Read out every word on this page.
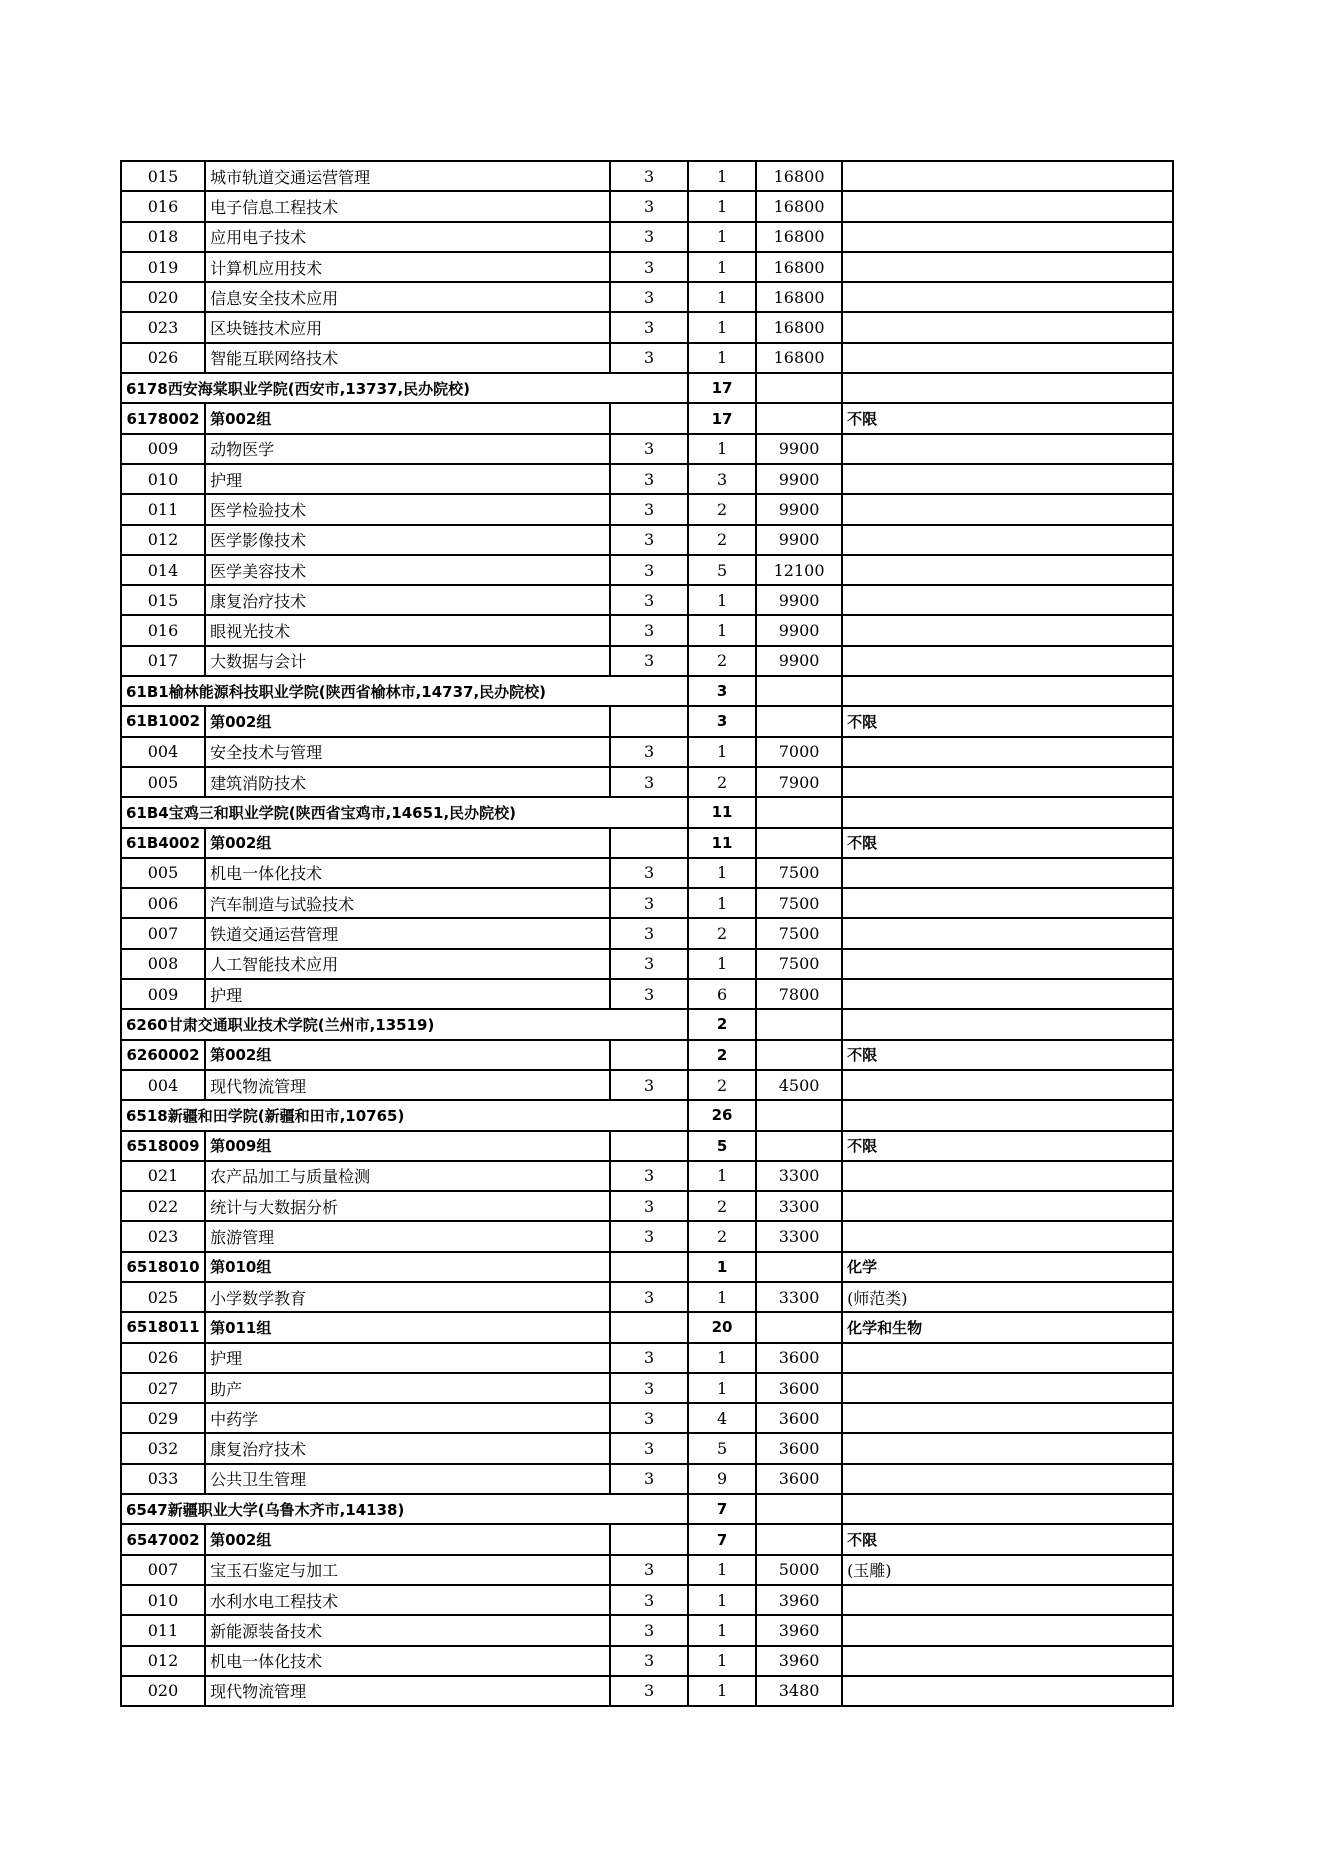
015	城市轨道交通运营管理	3	1	16800	
016	电子信息工程技术	3	1	16800	
018	应用电子技术	3	1	16800	
019	计算机应用技术	3	1	16800	
020	信息安全技术应用	3	1	16800	
023	区块链技术应用	3	1	16800	
026	智能互联网络技术	3	1	16800	
6178西安海棠职业学院(西安市,13737,民办院校)			17		
6178002	第002组		17		不限
009	动物医学	3	1	9900	
010	护理	3	3	9900	
011	医学检验技术	3	2	9900	
012	医学影像技术	3	2	9900	
014	医学美容技术	3	5	12100	
015	康复治疗技术	3	1	9900	
016	眼视光技术	3	1	9900	
017	大数据与会计	3	2	9900	
61B1榆林能源科技职业学院(陕西省榆林市,14737,民办院校)			3		
61B1002	第002组		3		不限
004	安全技术与管理	3	1	7000	
005	建筑消防技术	3	2	7900	
61B4宝鸡三和职业学院(陕西省宝鸡市,14651,民办院校)			11		
61B4002	第002组		11		不限
005	机电一体化技术	3	1	7500	
006	汽车制造与试验技术	3	1	7500	
007	铁道交通运营管理	3	2	7500	
008	人工智能技术应用	3	1	7500	
009	护理	3	6	7800	
6260甘肃交通职业技术学院(兰州市,13519)			2		
6260002	第002组		2		不限
004	现代物流管理	3	2	4500	
6518新疆和田学院(新疆和田市,10765)			26		
6518009	第009组		5		不限
021	农产品加工与质量检测	3	1	3300	
022	统计与大数据分析	3	2	3300	
023	旅游管理	3	2	3300	
6518010	第010组		1		化学
025	小学数学教育	3	1	3300	(师范类)
6518011	第011组		20		化学和生物
026	护理	3	1	3600	
027	助产	3	1	3600	
029	中药学	3	4	3600	
032	康复治疗技术	3	5	3600	
033	公共卫生管理	3	9	3600	
6547新疆职业大学(乌鲁木齐市,14138)			7		
6547002	第002组		7		不限
007	宝玉石鉴定与加工	3	1	5000	(玉雕)
010	水利水电工程技术	3	1	3960	
011	新能源装备技术	3	1	3960	
012	机电一体化技术	3	1	3960	
020	现代物流管理	3	1	3480	
